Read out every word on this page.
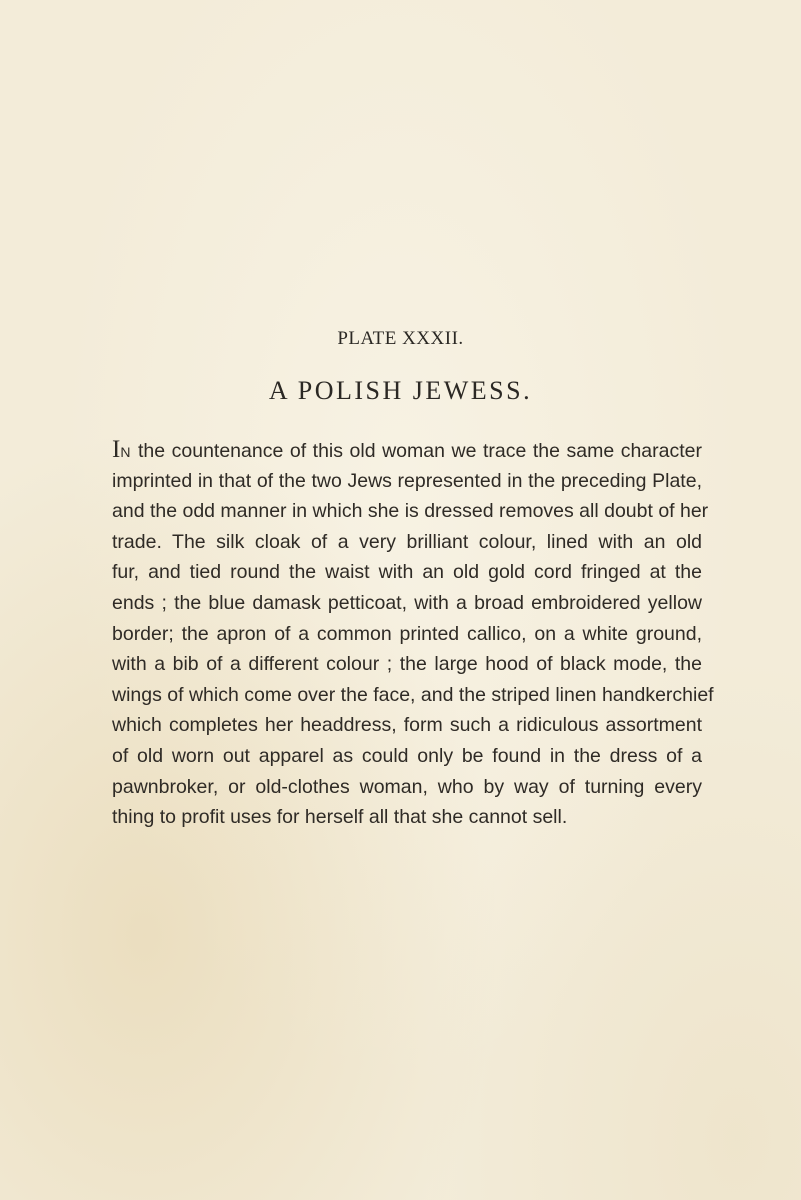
PLATE XXXII.
A POLISH JEWESS.
In the countenance of this old woman we trace the same character
imprinted in that of the two Jews represented in the preceding Plate,
and the odd manner in which she is dressed removes all doubt of her
trade. The silk cloak of a very brilliant colour, lined with an old
fur, and tied round the waist with an old gold cord fringed at the
ends ; the blue damask petticoat, with a broad embroidered yellow
border; the apron of a common printed callico, on a white ground,
with a bib of a different colour ; the large hood of black mode, the
wings of which come over the face, and the striped linen handkerchief
which completes her headdress, form such a ridiculous assortment
of old worn out apparel as could only be found in the dress of a
pawnbroker, or old-clothes woman, who by way of turning every
thing to profit uses for herself all that she cannot sell.
